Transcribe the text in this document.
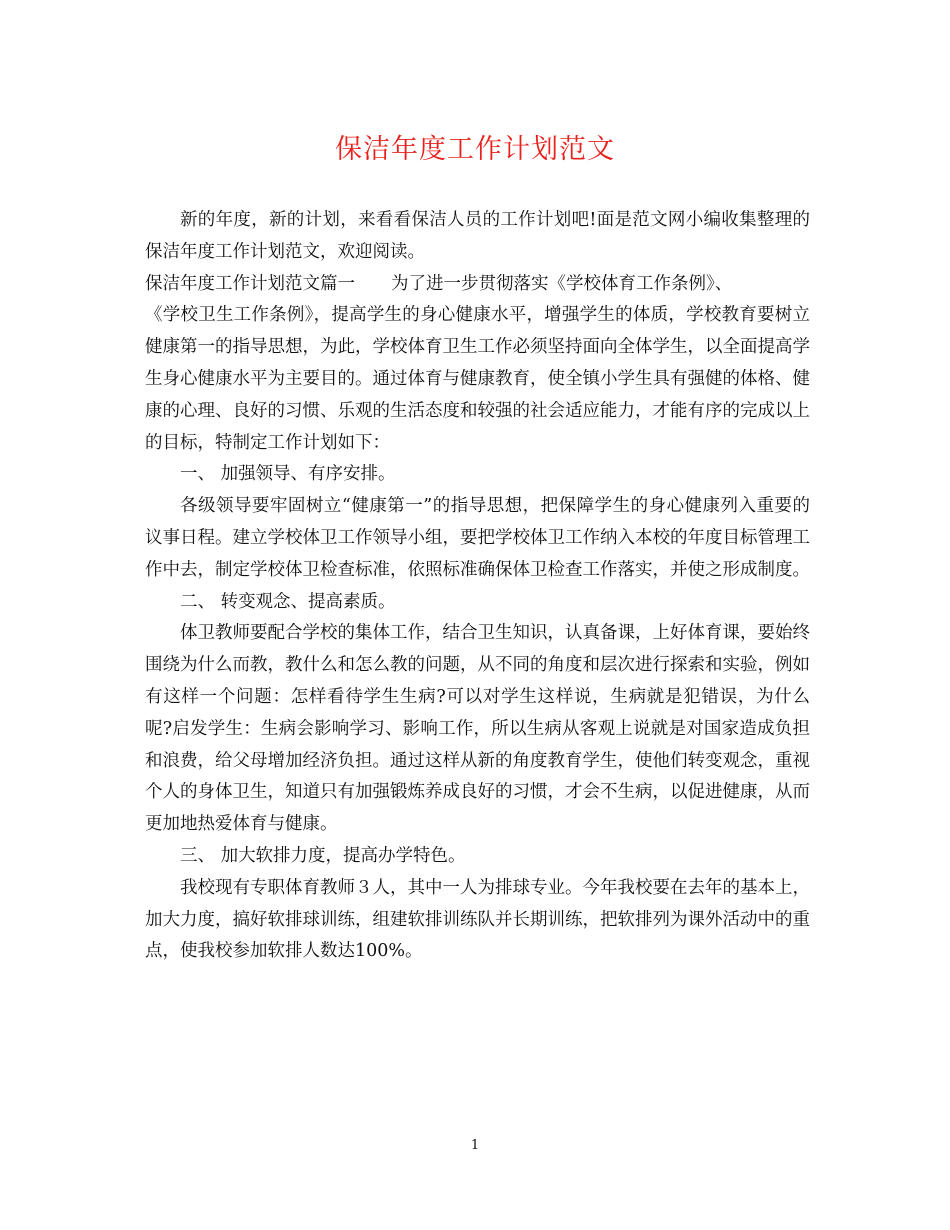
保洁年度工作计划范文

新的年度，新的计划，来看看保洁人员的工作计划吧!面是范文网小编收集整理的保洁年度工作计划范文，欢迎阅读。

保洁年度工作计划范文篇一 为了进一步贯彻落实《学校体育工作条例》、

《学校卫生工作条例》，提高学生的身心健康水平，增强学生的体质，学校教育要树立健康第一的指导思想，为此，学校体育卫生工作必须坚持面向全体学生，以全面提高学生身心健康水平为主要目的。通过体育与健康教育，使全镇小学生具有强健的体格、健康的心理、良好的习惯、乐观的生活态度和较强的社会适应能力，才能有序的完成以上的目标，特制定工作计划如下：

一、 加强领导、有序安排。

各级领导要牢固树立“健康第一”的指导思想，把保障学生的身心健康列入重要的议事日程。建立学校体卫工作领导小组，要把学校体卫工作纳入本校的年度目标管理工作中去，制定学校体卫检查标准，依照标准确保体卫检查工作落实，并使之形成制度。

二、 转变观念、提高素质。

体卫教师要配合学校的集体工作，结合卫生知识，认真备课，上好体育课，要始终围绕为什么而教，教什么和怎么教的问题，从不同的角度和层次进行探索和实验，例如有这样一个问题：怎样看待学生生病?可以对学生这样说，生病就是犯错误，为什么呢?启发学生：生病会影响学习、影响工作，所以生病从客观上说就是对国家造成负担和浪费，给父母增加经济负担。通过这样从新的角度教育学生，使他们转变观念，重视个人的身体卫生，知道只有加强锻炼养成良好的习惯，才会不生病，以促进健康，从而更加地热爱体育与健康。

三、 加大软排力度，提高办学特色。

我校现有专职体育教师３人，其中一人为排球专业。今年我校要在去年的基本上，加大力度，搞好软排球训练，组建软排训练队并长期训练，把软排列为课外活动中的重点，使我校参加软排人数达100%。

1
